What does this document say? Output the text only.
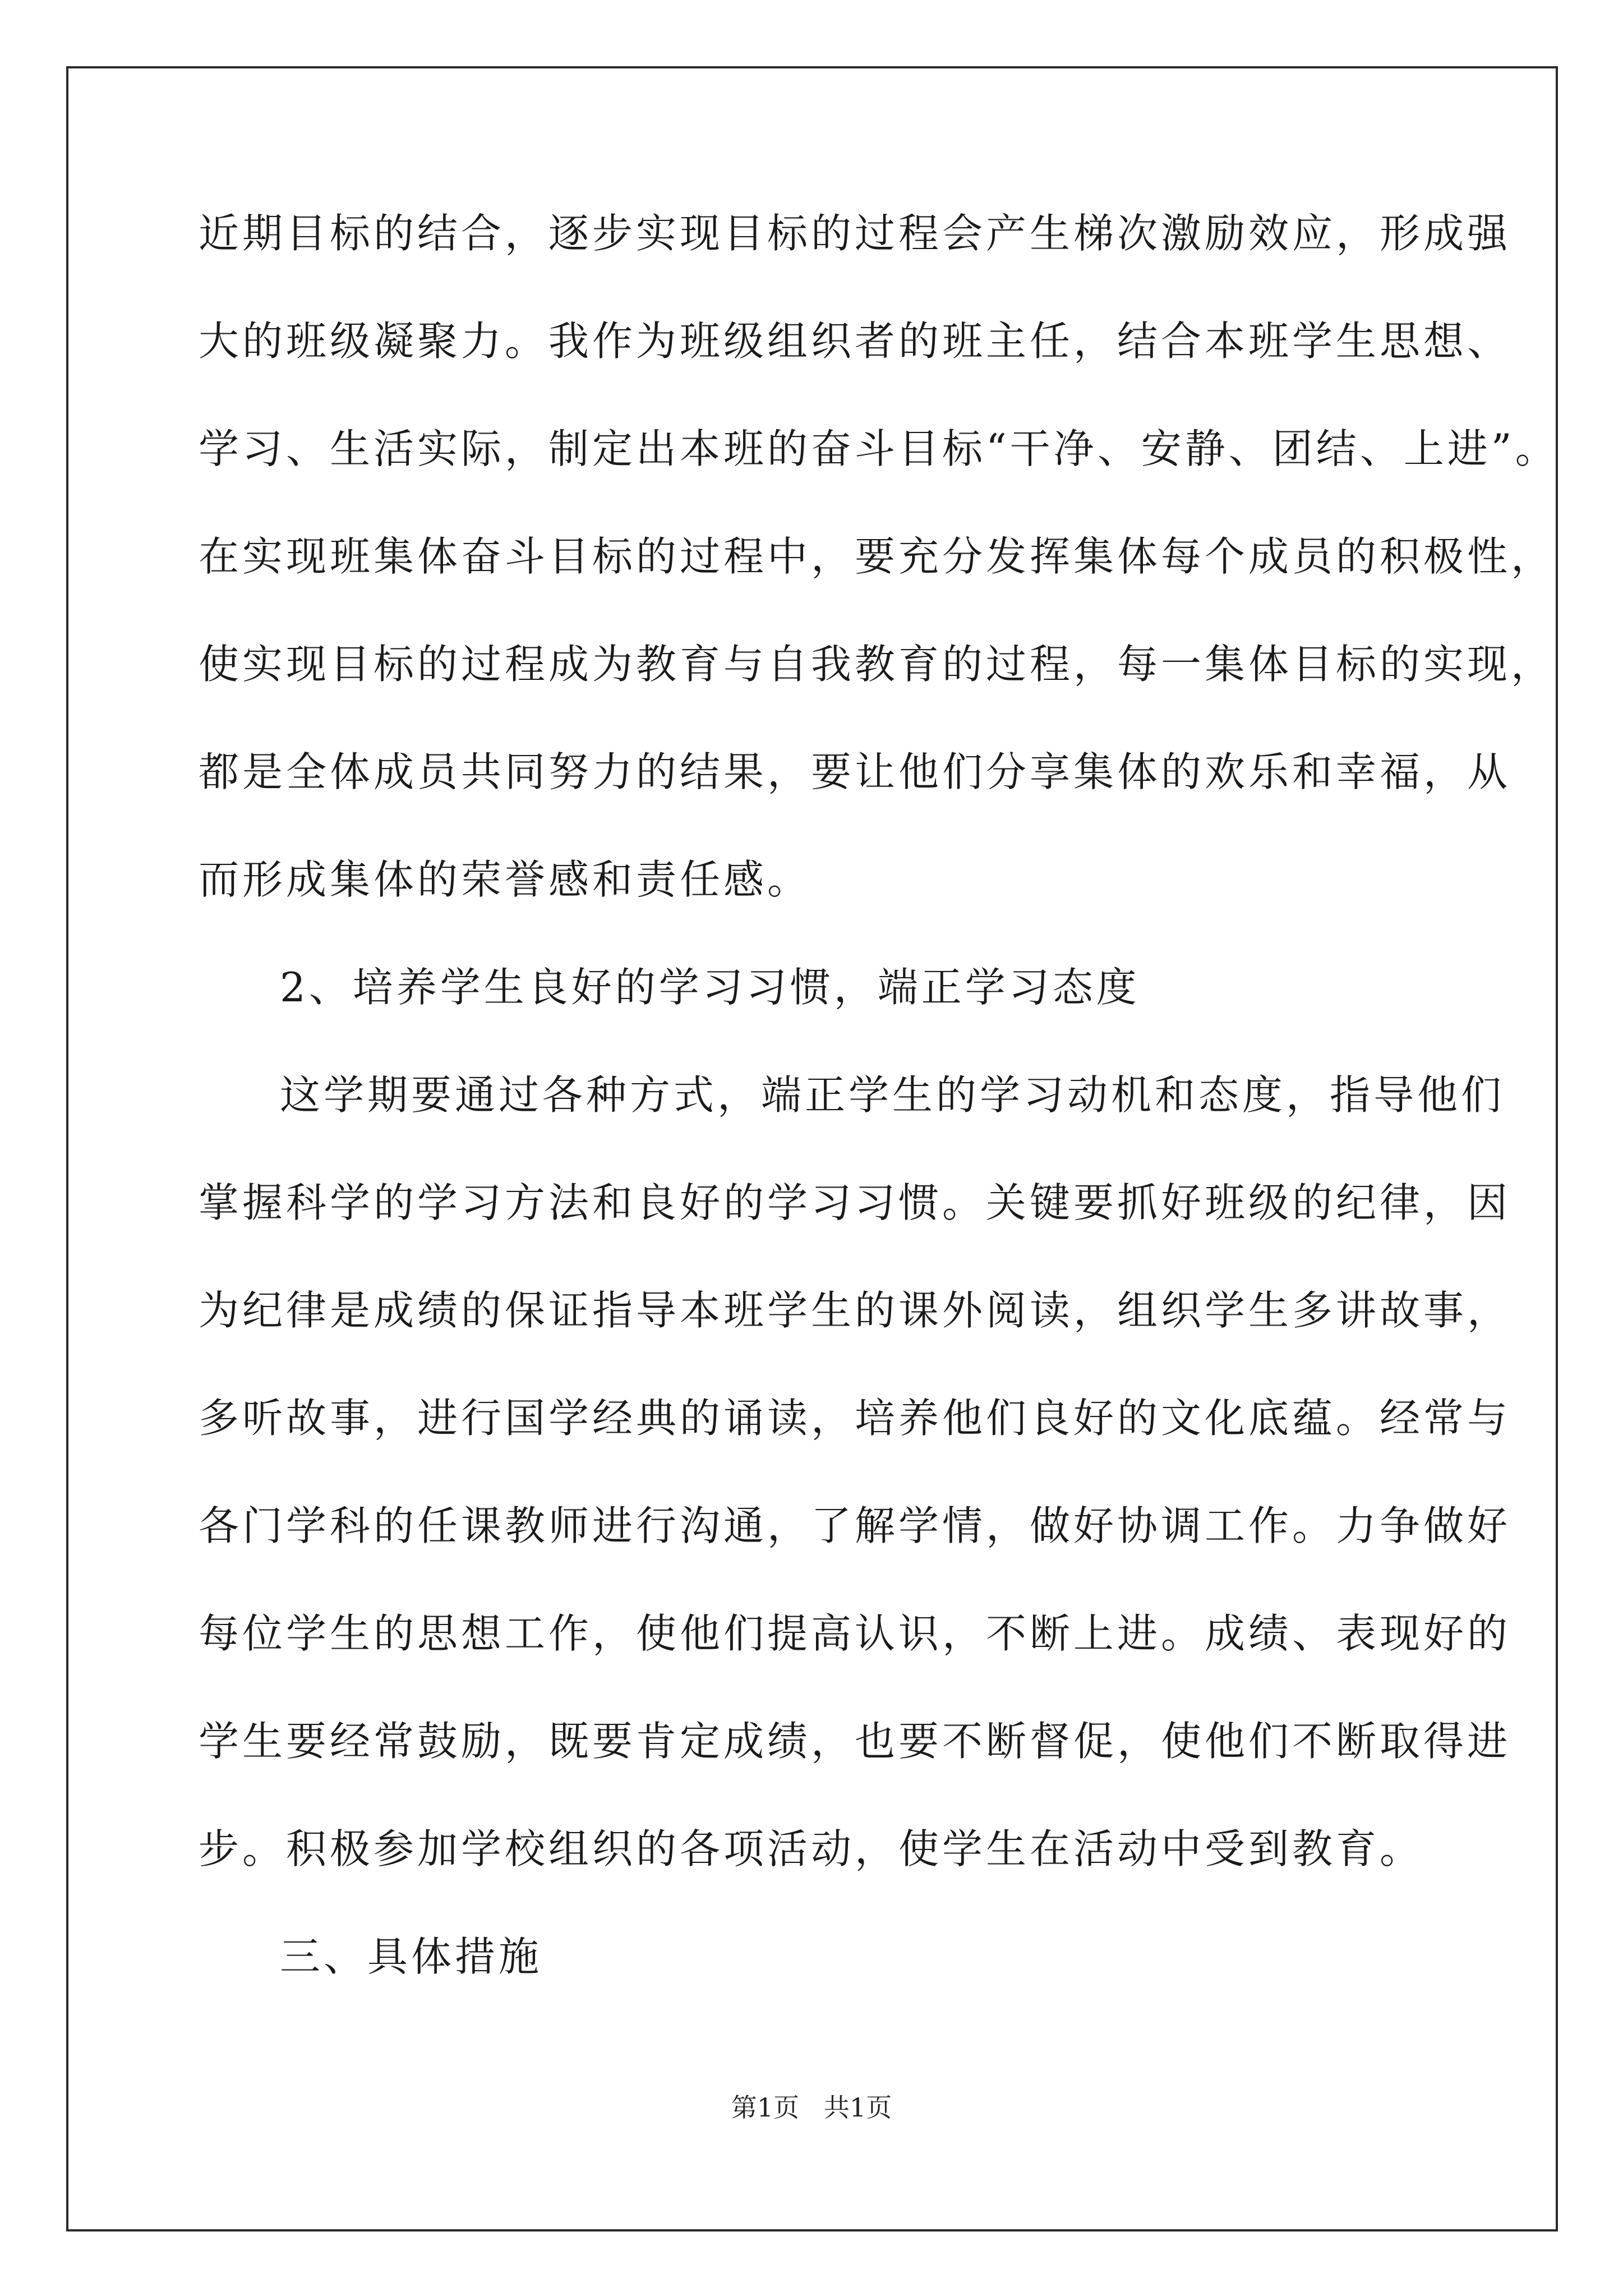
近期目标的结合，逐步实现目标的过程会产生梯次激励效应，形成强
大的班级凝聚力。我作为班级组织者的班主任，结合本班学生思想、
学习、生活实际，制定出本班的奋斗目标“干净、安静、团结、上进”。
在实现班集体奋斗目标的过程中，要充分发挥集体每个成员的积极性，
使实现目标的过程成为教育与自我教育的过程，每一集体目标的实现，
都是全体成员共同努力的结果，要让他们分享集体的欢乐和幸福，从
而形成集体的荣誉感和责任感。
2、培养学生良好的学习习惯，端正学习态度
这学期要通过各种方式，端正学生的学习动机和态度，指导他们
掌握科学的学习方法和良好的学习习惯。关键要抓好班级的纪律，因
为纪律是成绩的保证指导本班学生的课外阅读，组织学生多讲故事，
多听故事，进行国学经典的诵读，培养他们良好的文化底蕴。经常与
各门学科的任课教师进行沟通，了解学情，做好协调工作。力争做好
每位学生的思想工作，使他们提高认识，不断上进。成绩、表现好的
学生要经常鼓励，既要肯定成绩，也要不断督促，使他们不断取得进
步。积极参加学校组织的各项活动，使学生在活动中受到教育。
三、具体措施
第1页   共1页
